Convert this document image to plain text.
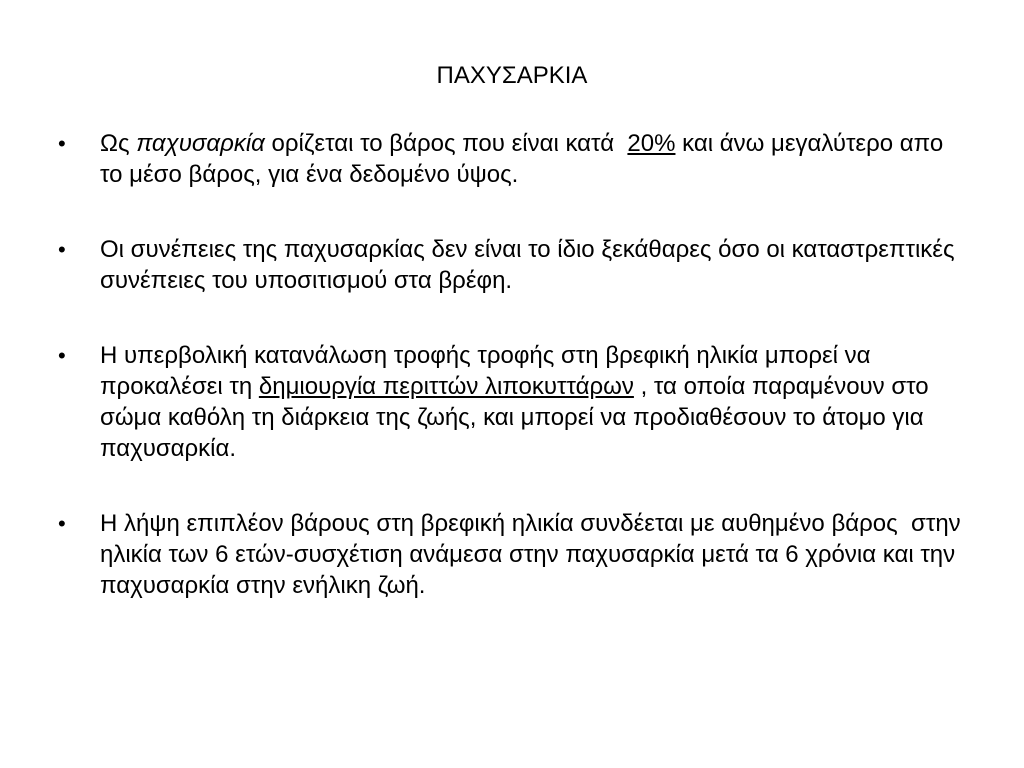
ΠΑΧΥΣΑΡΚΙΑ
•	Ως παχυσαρκία ορίζεται το βάρος που είναι κατά  20% και άνω μεγαλύτερο απο το μέσο βάρος, για ένα δεδομένο ύψος.
•	Οι συνέπειες της παχυσαρκίας δεν είναι το ίδιο ξεκάθαρες όσο οι καταστρεπτικές συνέπειες του υποσιτισμού στα βρέφη.
•	Η υπερβολική κατανάλωση τροφής τροφής στη βρεφική ηλικία μπορεί να προκαλέσει τη δημιουργία περιττών λιποκυττάρων , τα οποία παραμένουν στο σώμα καθόλη τη διάρκεια της ζωής, και μπορεί να προδιαθέσουν το άτομο για παχυσαρκία.
•	Η λήψη επιπλέον βάρους στη βρεφική ηλικία συνδέεται με αυθημένο βάρος  στην ηλικία των 6 ετών-συσχέτιση ανάμεσα στην παχυσαρκία μετά τα 6 χρόνια και την παχυσαρκία στην ενήλικη ζωή.
